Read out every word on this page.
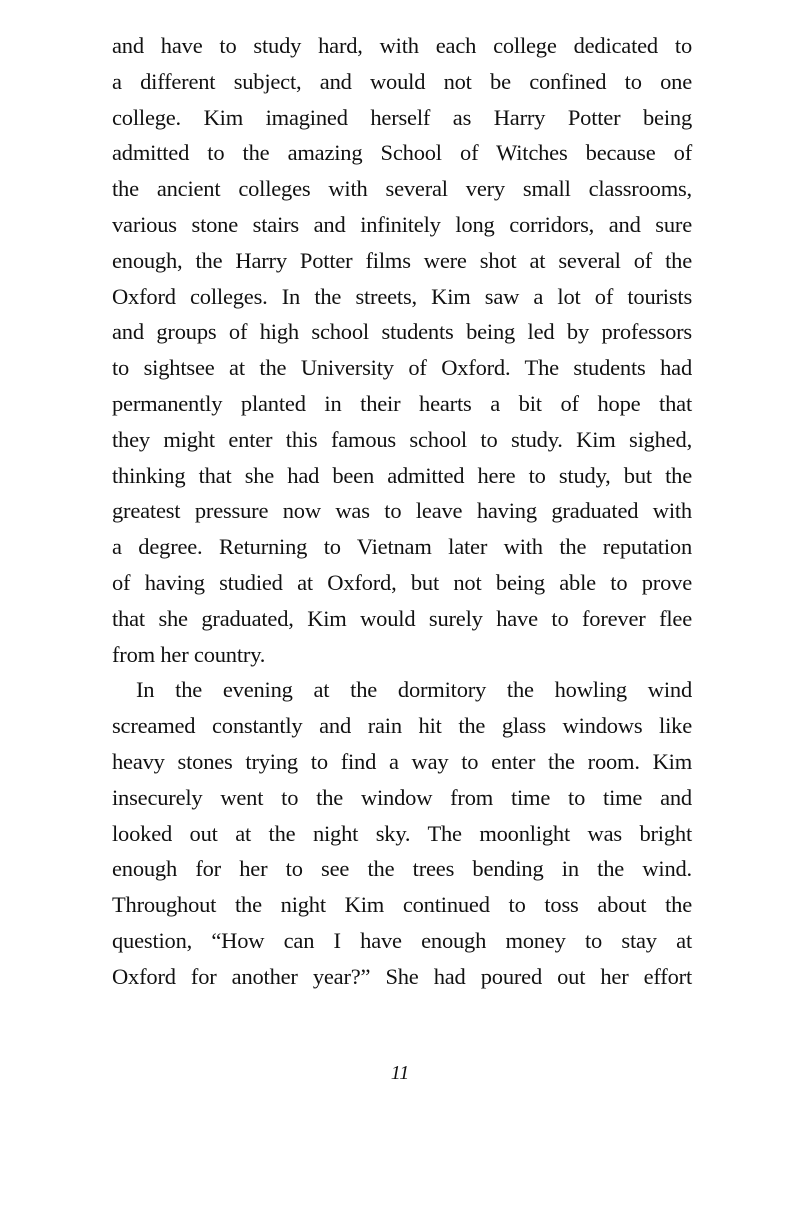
and have to study hard, with each college dedicated to
a different subject, and would not be confined to one
college. Kim imagined herself as Harry Potter being
admitted to the amazing School of Witches because of
the ancient colleges with several very small classrooms,
various stone stairs and infinitely long corridors, and sure
enough, the Harry Potter films were shot at several of the
Oxford colleges. In the streets, Kim saw a lot of tourists
and groups of high school students being led by professors
to sightsee at the University of Oxford. The students had
permanently planted in their hearts a bit of hope that
they might enter this famous school to study. Kim sighed,
thinking that she had been admitted here to study, but the
greatest pressure now was to leave having graduated with
a degree. Returning to Vietnam later with the reputation
of having studied at Oxford, but not being able to prove
that she graduated, Kim would surely have to forever flee
from her country.
In the evening at the dormitory the howling wind
screamed constantly and rain hit the glass windows like
heavy stones trying to find a way to enter the room. Kim
insecurely went to the window from time to time and
looked out at the night sky. The moonlight was bright
enough for her to see the trees bending in the wind.
Throughout the night Kim continued to toss about the
question, “How can I have enough money to stay at
Oxford for another year?” She had poured out her effort
11
